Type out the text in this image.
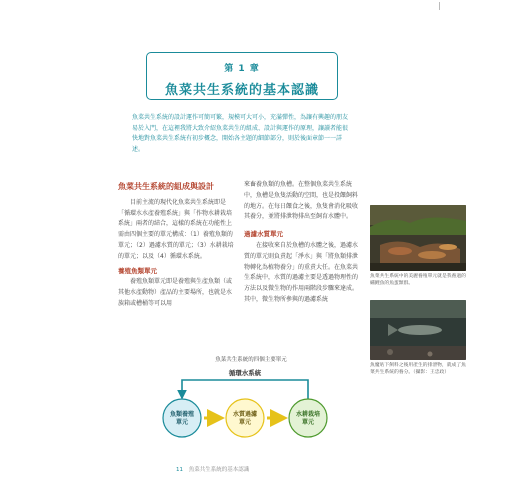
第 1 章
魚菜共生系統的基本認識
魚菜共生系統的設計運作可簡可繁，規模可大可小，充滿彈性，為讓有興趣的朋友易於入門，在這裡我將大致介紹魚菜共生的組成、設計與運作的原理，讓讀者能很快地對魚菜共生系統有初步概念，開始各主題的細節部分，則於後面章節一一詳述。
魚菜共生系統的組成與設計

目前主流的現代化魚菜共生系統即是「循環水水產養殖系統」與「作物水耕栽培系統」兩者的結合，這樣的系統在功能性上需由四個主要的單元構成：（1）養殖魚類的單元；（2）過濾水質的單元；（3）水耕栽培的單元；以及（4）循環水系統。

養殖魚類單元

養殖魚類單元即是養殖與生產魚類（或其他水產動物）產品的主要場所，也就是水族箱或槽桶等可以用

來畜養魚類的魚槽。在整個魚菜共生系統中，魚槽是魚隻活動的空間，也是投餵飼料的地方。在每日餵食之後，魚隻會消化吸收其養分，並將排泄物排出至飼育水體中。

過濾水質單元

在接收來自於魚槽的水體之後，過濾水質的單元則負責起「淨水」與「將魚類排泄物轉化為植物養分」的重責大任。在魚菜共生系統中，水質的過濾主要是透過物理性的方法以及微生物的作用兩階段步驟來達成。其中，微生物所參與的過濾系統

魚菜共生系統中的美麗養殖單元就是我養過的繡鯉魚的魚蛋類群。
魚魔咕下飼料之後用產生的排泄物，就成了魚菜共生系統的養分。（攝影：王忠政）
魚菜共生系統的四個主要單元
循環水系統
魚類養殖
單元
水質過濾
單元
水耕栽培
單元
11 魚菜共生系統的基本認識
